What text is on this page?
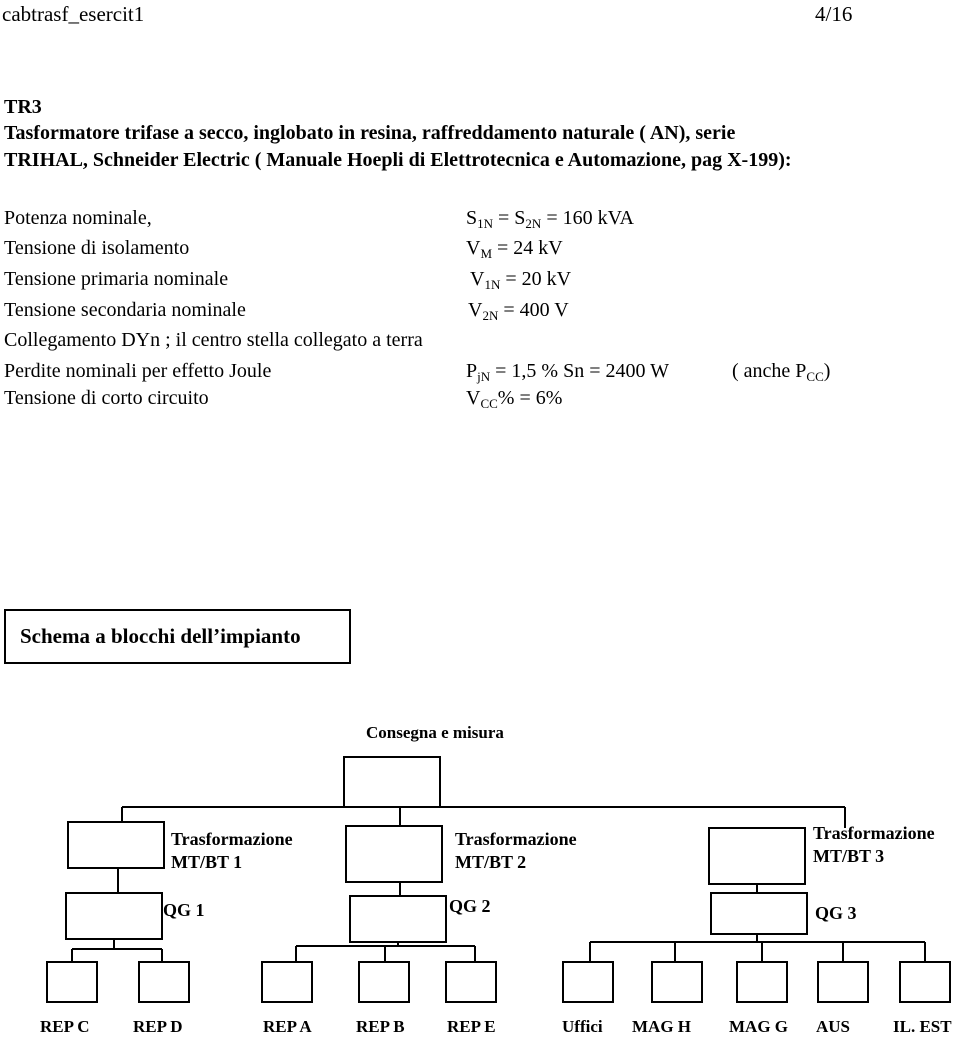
cabtrasf_esercit1	4/16
TR3
Tasformatore trifase a secco, inglobato in resina, raffreddamento naturale ( AN), serie
TRIHAL, Schneider Electric ( Manuale Hoepli di Elettrotecnica e Automazione, pag X-199):
Potenza nominale,	$S_{1N} = S_{2N} = 160$ kVA
Tensione di isolamento	$V_M = 24$ kV
Tensione primaria nominale	$V_{1N} = 20$ kV
Tensione secondaria nominale	$V_{2N} = 400$ V
Collegamento DYn ; il centro stella collegato a terra
Perdite nominali per effetto Joule	$P_{jN} = 1,5$ % Sn = 2400 W	( anche $P_{CC}$)
Tensione di corto circuito	$V_{CC}\% = 6\%$
Schema a blocchi dell’impianto
Consegna e misura
Trasformazione
MT/BT 1
Trasformazione
MT/BT 2
Trasformazione
MT/BT 3
QG 1	QG 2	QG 3
REP C	REP D	REP A	REP B REP E	Uffici MAG H MAG G AUS	IL. EST
